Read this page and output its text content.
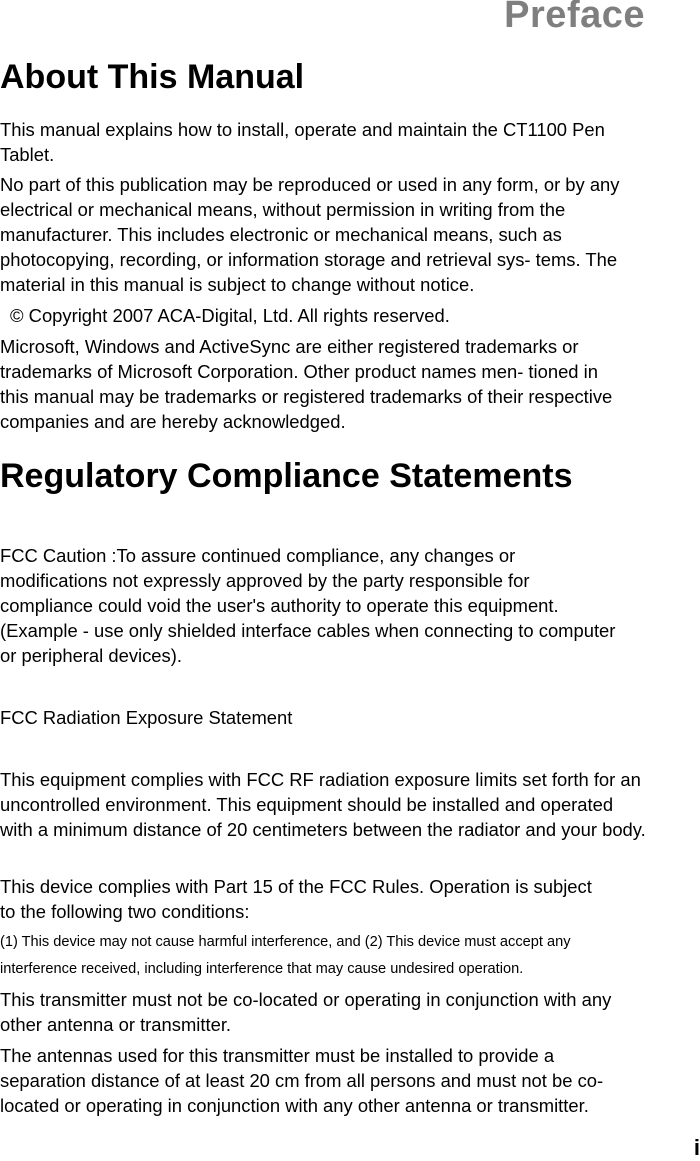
Preface
About This Manual
This manual explains how to install, operate and maintain the CT1100 Pen Tablet.
No part of this publication may be reproduced or used in any form, or by any electrical or mechanical means, without permission in writing from the manufacturer. This includes electronic or mechanical means, such as photocopying, recording, or information storage and retrieval sys- tems. The material in this manual is subject to change without notice.
© Copyright 2007 ACA-Digital, Ltd. All rights reserved.
Microsoft, Windows and ActiveSync are either registered trademarks or trademarks of Microsoft Corporation. Other product names men- tioned in this manual may be trademarks or registered trademarks of their respective companies and are hereby acknowledged.
Regulatory Compliance Statements
FCC Caution :To assure continued compliance, any changes or modifications not expressly approved by the party responsible for compliance could void the user's authority to operate this equipment. (Example - use only shielded interface cables when connecting to computer or peripheral devices).
FCC Radiation Exposure Statement
This equipment complies with FCC RF radiation exposure limits set forth for an uncontrolled environment. This equipment should be installed and operated with a minimum distance of 20 centimeters between the radiator and your body.
This device complies with Part 15 of the FCC Rules. Operation is subject to the following two conditions:
(1) This device may not cause harmful interference, and (2) This device must accept any interference received, including interference that may cause undesired operation.
This transmitter must not be co-located or operating in conjunction with any other antenna or transmitter.
The antennas used for this transmitter must be installed to provide a separation distance of at least 20 cm from all persons and must not be co-located or operating in conjunction with any other antenna or transmitter.
i
